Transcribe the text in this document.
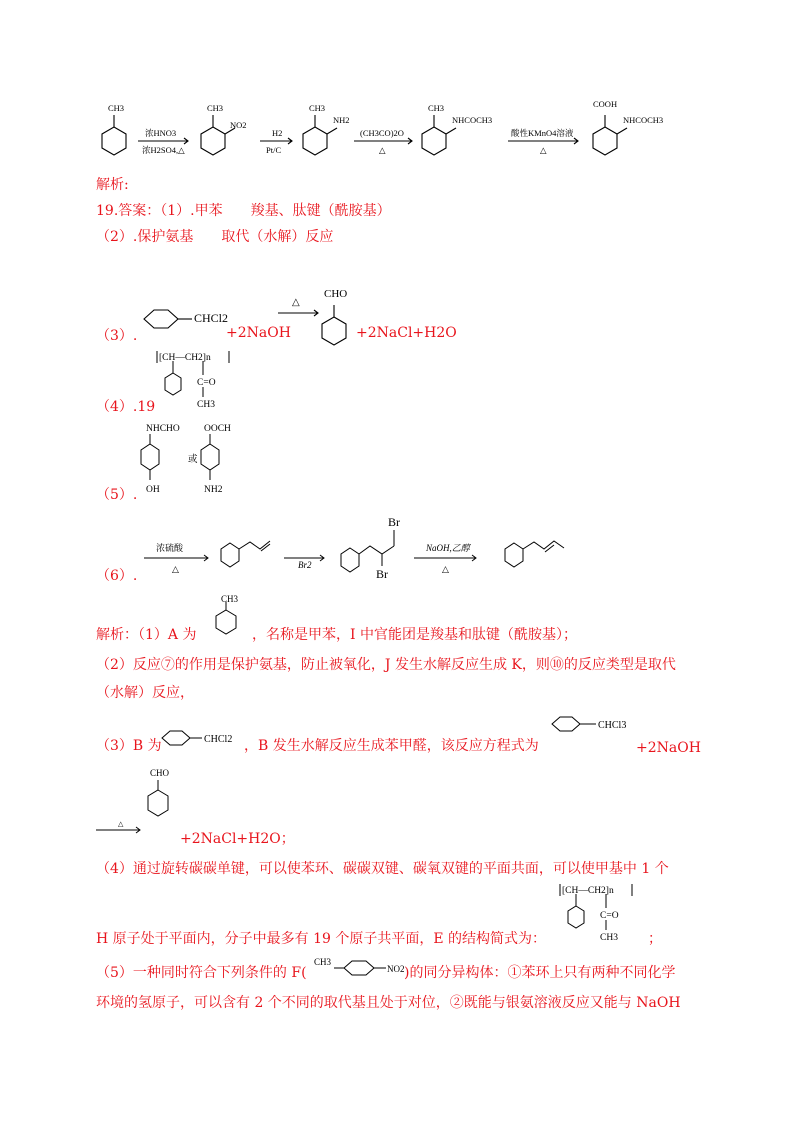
CH3
浓HNO3
浓H2SO4,△
CH3
NO2
H2
Pt/C
CH3
NH2
(CH3CO)2O
△
CH3
NHCOCH3
酸性KMnO4溶液
△
COOH
NHCOCH3
解析:
19.答案：（1）.甲苯　　羧基、肽键（酰胺基）
（2）.保护氨基　　取代（水解）反应
（3）.
CHCl2
+2NaOH
△
CHO
+2NaCl+H2O
（4）.19
[CH—CH2]n
C=O
CH3
（5）.
NHCHO
OH
或
OOCH
NH2
（6）.
浓硫酸
△	Br2
Br
Br
NaOH,乙醇
△
解析：（1）A 为
CH3
，名称是甲苯，I 中官能团是羧基和肽键（酰胺基）；
（2）反应⑦的作用是保护氨基，防止被氧化，J 发生水解反应生成 K，则⑩的反应类型是取代
（水解）反应，
（3）B 为	CHCl2 ，B 发生水解反应生成苯甲醛，该反应方程式为
CHCl3
+2NaOH
△
CHO
+2NaCl+H2O；
（4）通过旋转碳碳单键，可以使苯环、碳碳双键、碳氧双键的平面共面，可以使甲基中 1 个
[CH—CH2]n
C=O
CH3
H 原子处于平面内，分子中最多有 19 个原子共平面，E 的结构简式为：	；
（5）一种同时符合下列条件的 F(
CH3
NO2 )的同分异构体：①苯环上只有两种不同化学
环境的氢原子，可以含有 2 个不同的取代基且处于对位，②既能与银氨溶液反应又能与 NaOH
